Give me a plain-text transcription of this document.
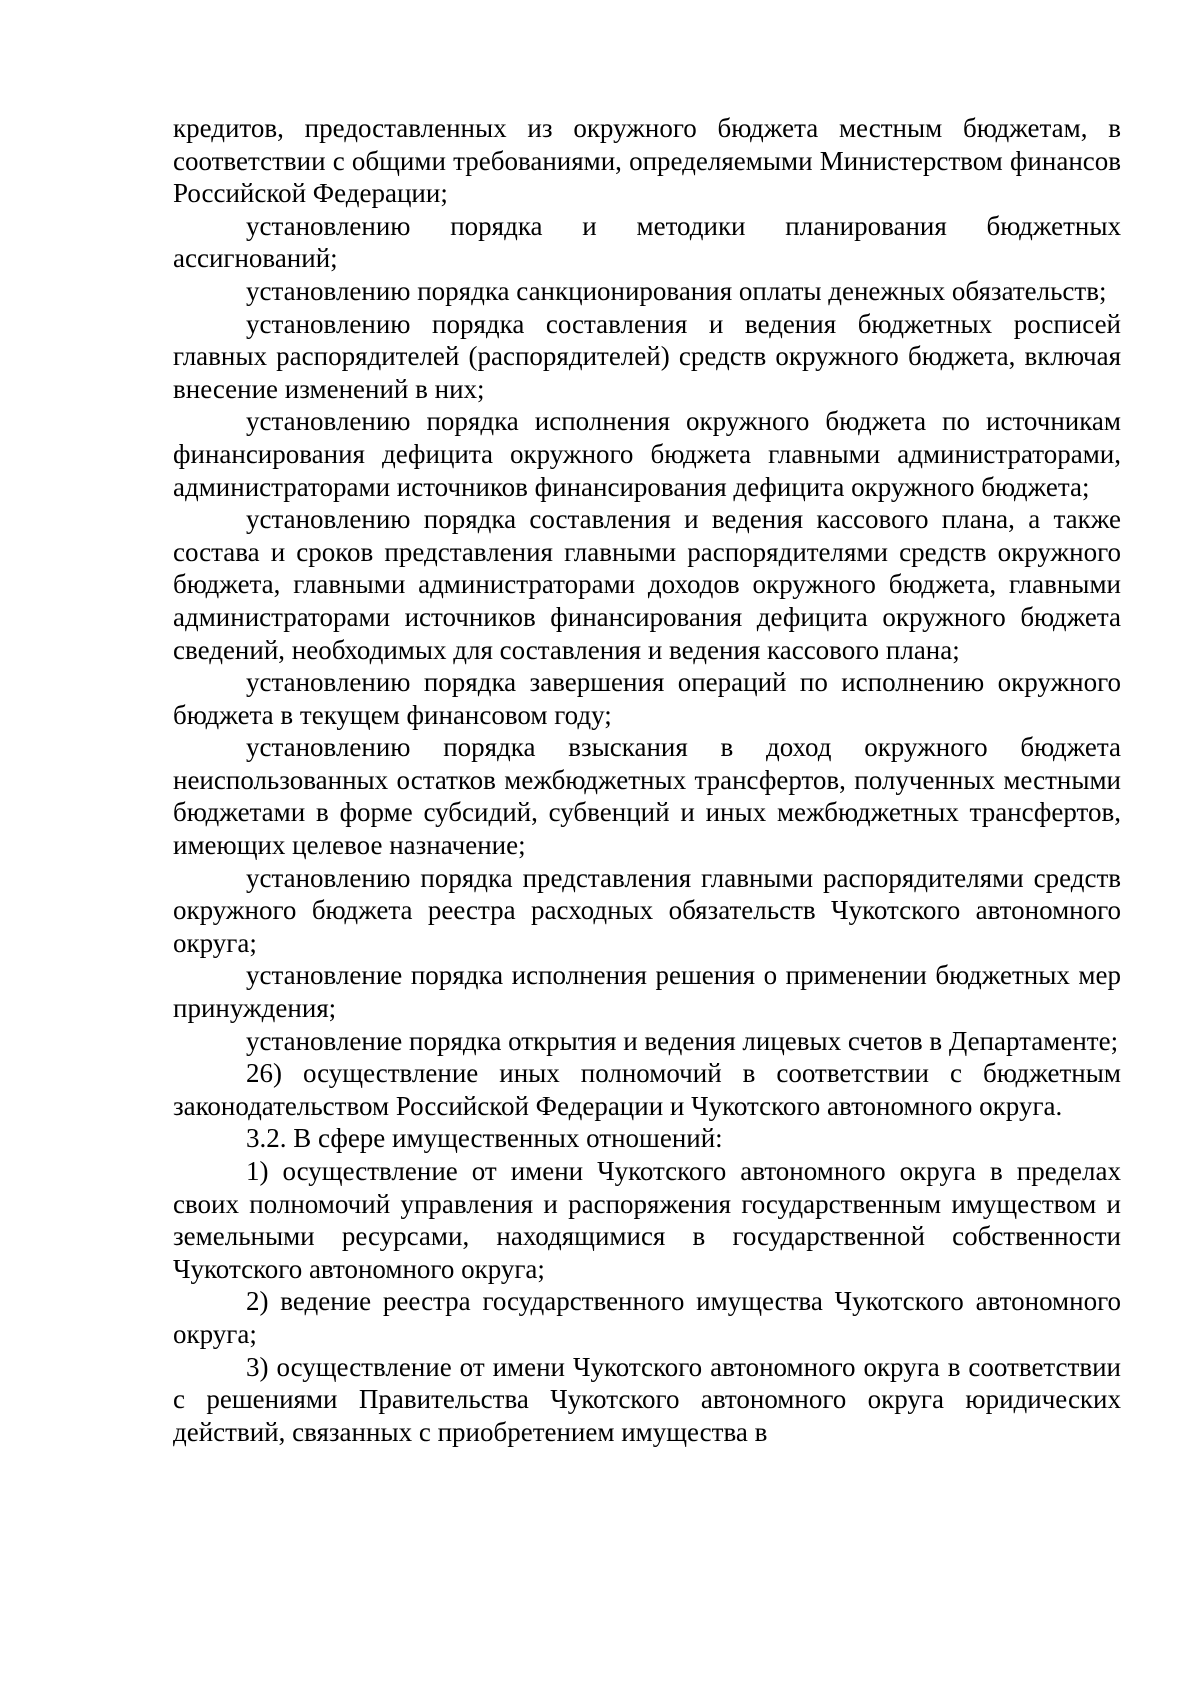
кредитов, предоставленных из окружного бюджета местным бюджетам, в соответствии с общими требованиями, определяемыми Министерством финансов Российской Федерации;

установлению порядка и методики планирования бюджетных ассигнований;

установлению порядка санкционирования оплаты денежных обязательств;

установлению порядка составления и ведения бюджетных росписей главных распорядителей (распорядителей) средств окружного бюджета, включая внесение изменений в них;

установлению порядка исполнения окружного бюджета по источникам финансирования дефицита окружного бюджета главными администраторами, администраторами источников финансирования дефицита окружного бюджета;

установлению порядка составления и ведения кассового плана, а также состава и сроков представления главными распорядителями средств окружного бюджета, главными администраторами доходов окружного бюджета, главными администраторами источников финансирования дефицита окружного бюджета сведений, необходимых для составления и ведения кассового плана;

установлению порядка завершения операций по исполнению окружного бюджета в текущем финансовом году;

установлению порядка взыскания в доход окружного бюджета неиспользованных остатков межбюджетных трансфертов, полученных местными бюджетами в форме субсидий, субвенций и иных межбюджетных трансфертов, имеющих целевое назначение;

установлению порядка представления главными распорядителями средств окружного бюджета реестра расходных обязательств Чукотского автономного округа;

установление порядка исполнения решения о применении бюджетных мер принуждения;

установление порядка открытия и ведения лицевых счетов в Департаменте;

26) осуществление иных полномочий в соответствии с бюджетным законодательством Российской Федерации и Чукотского автономного округа.

3.2. В сфере имущественных отношений:

1) осуществление от имени Чукотского автономного округа в пределах своих полномочий управления и распоряжения государственным имуществом и земельными ресурсами, находящимися в государственной собственности Чукотского автономного округа;

2) ведение реестра государственного имущества Чукотского автономного округа;

3) осуществление от имени Чукотского автономного округа в соответствии с решениями Правительства Чукотского автономного округа юридических действий, связанных с приобретением имущества в
